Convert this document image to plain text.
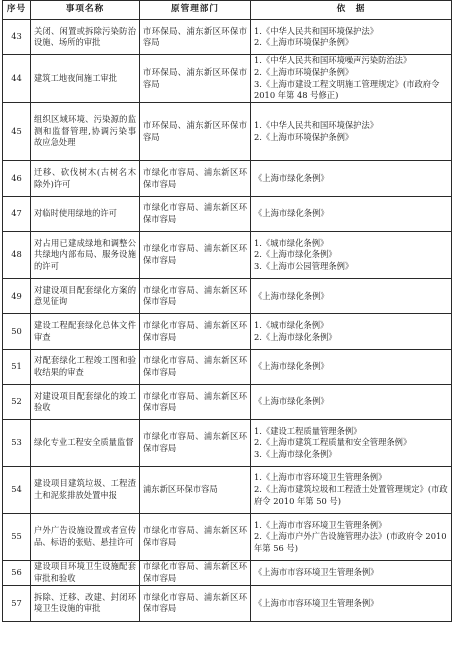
序号	事项名称	原管理部门	依　据
43	关闭、闲置或拆除污染防治设施、场所的审批	市环保局、浦东新区环保市容局	1.《中华人民共和国环境保护法》
2.《上海市环境保护条例》

44	建筑工地夜间施工审批	市环保局、浦东新区环保市容局	1.《中华人民共和国环境噪声污染防治法》
2.《上海市环境保护条例》
3.《上海市建设工程文明施工管理规定》(市政府令 2010 年第 48 号修正)

45	组织区域环境、污染源的监测和监督管理,协调污染事故应急处理	市环保局、浦东新区环保市容局	1.《中华人民共和国环境保护法》
2.《上海市环境保护条例》

46	迁移、砍伐树木(古树名木除外)许可	市绿化市容局、浦东新区环保市容局	《上海市绿化条例》

47	对临时使用绿地的许可	市绿化市容局、浦东新区环保市容局	《上海市绿化条例》

48	对占用已建成绿地和调整公共绿地内部布局、服务设施的许可	市绿化市容局、浦东新区环保市容局	1.《城市绿化条例》
2.《上海市绿化条例》
3.《上海市公园管理条例》

49	对建设项目配套绿化方案的意见征询	市绿化市容局、浦东新区环保市容局	《上海市绿化条例》

50	建设工程配套绿化总体文件审查	市绿化市容局、浦东新区环保市容局	1.《城市绿化条例》
2.《上海市绿化条例》

51	对配套绿化工程竣工图和验收结果的审查	市绿化市容局、浦东新区环保市容局	《上海市绿化条例》

52	对建设项目配套绿化的竣工验收	市绿化市容局、浦东新区环保市容局	《上海市绿化条例》

53	绿化专业工程安全质量监督	市绿化市容局、浦东新区环保市容局	1.《建设工程质量管理条例》
2.《上海市建筑工程质量和安全管理条例》
3.《上海市绿化条例》

54	建设项目建筑垃圾、工程渣土和泥浆排放处置申报	浦东新区环保市容局	1.《上海市市容环境卫生管理条例》
2.《上海市建筑垃圾和工程渣土处置管理规定》(市政府令 2010 年第 50 号)

55	户外广告设施设置或者宣传品、标语的张贴、悬挂许可	市绿化市容局、浦东新区环保市容局	1.《上海市市容环境卫生管理条例》
2.《上海市户外广告设施管理办法》(市政府令 2010 年第 56 号)

56	建设项目环境卫生设施配套审批和验收	市绿化市容局、浦东新区环保市容局	《上海市市容环境卫生管理条例》

57	拆除、迁移、改建、封闭环境卫生设施的审批	市绿化市容局、浦东新区环保市容局	《上海市市容环境卫生管理条例》
